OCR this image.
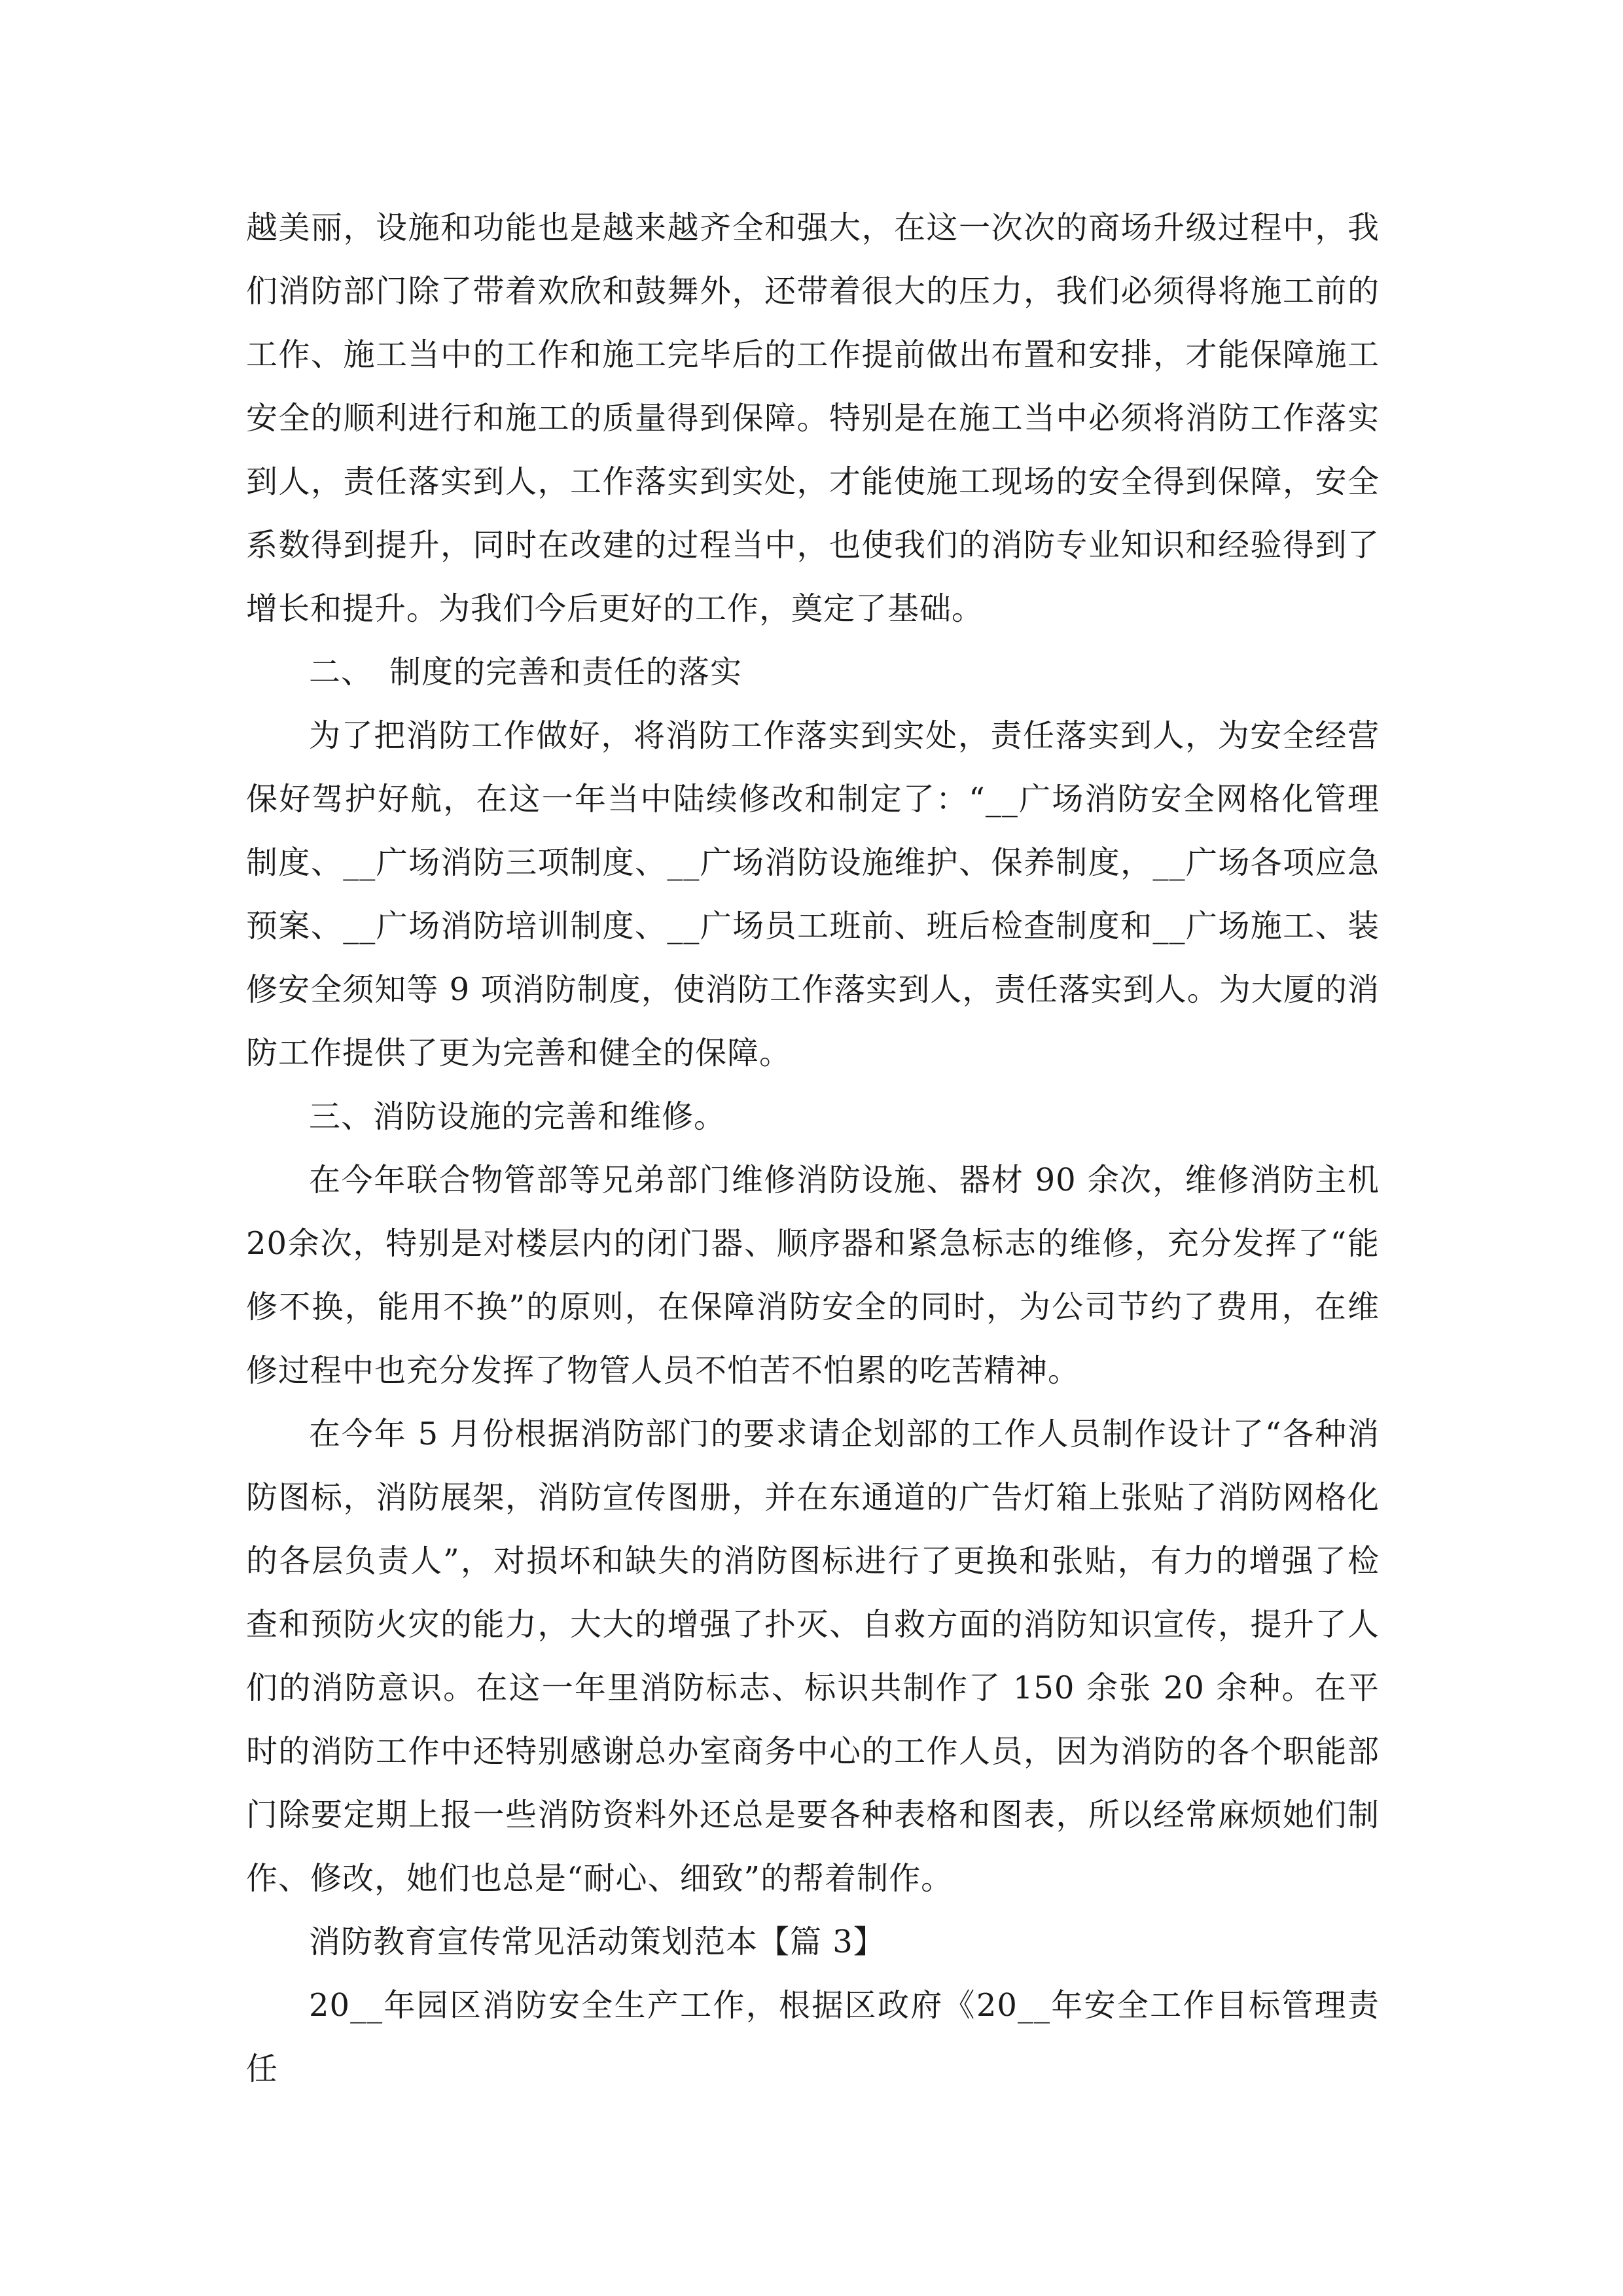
越美丽，设施和功能也是越来越齐全和强大，在这一次次的商场升级过程中，我们消防部门除了带着欢欣和鼓舞外，还带着很大的压力，我们必须得将施工前的工作、施工当中的工作和施工完毕后的工作提前做出布置和安排，才能保障施工安全的顺利进行和施工的质量得到保障。特别是在施工当中必须将消防工作落实到人，责任落实到人，工作落实到实处，才能使施工现场的安全得到保障，安全系数得到提升，同时在改建的过程当中，也使我们的消防专业知识和经验得到了增长和提升。为我们今后更好的工作，奠定了基础。

二、　制度的完善和责任的落实

为了把消防工作做好，将消防工作落实到实处，责任落实到人，为安全经营保好驾护好航，在这一年当中陆续修改和制定了：“__广场消防安全网格化管理制度、__广场消防三项制度、__广场消防设施维护、保养制度，__广场各项应急预案、__广场消防培训制度、__广场员工班前、班后检查制度和__广场施工、装修安全须知等 9 项消防制度，使消防工作落实到人，责任落实到人。为大厦的消防工作提供了更为完善和健全的保障。

三、消防设施的完善和维修。

在今年联合物管部等兄弟部门维修消防设施、器材 90 余次，维修消防主机 20余次，特别是对楼层内的闭门器、顺序器和紧急标志的维修，充分发挥了“能修不换，能用不换”的原则，在保障消防安全的同时，为公司节约了费用，在维修过程中也充分发挥了物管人员不怕苦不怕累的吃苦精神。

在今年 5 月份根据消防部门的要求请企划部的工作人员制作设计了“各种消防图标，消防展架，消防宣传图册，并在东通道的广告灯箱上张贴了消防网格化的各层负责人”，对损坏和缺失的消防图标进行了更换和张贴，有力的增强了检查和预防火灾的能力，大大的增强了扑灭、自救方面的消防知识宣传，提升了人们的消防意识。在这一年里消防标志、标识共制作了 150 余张 20 余种。在平时的消防工作中还特别感谢总办室商务中心的工作人员，因为消防的各个职能部门除要定期上报一些消防资料外还总是要各种表格和图表，所以经常麻烦她们制作、修改，她们也总是“耐心、细致”的帮着制作。

消防教育宣传常见活动策划范本【篇 3】

20__年园区消防安全生产工作，根据区政府《20__年安全工作目标管理责任
